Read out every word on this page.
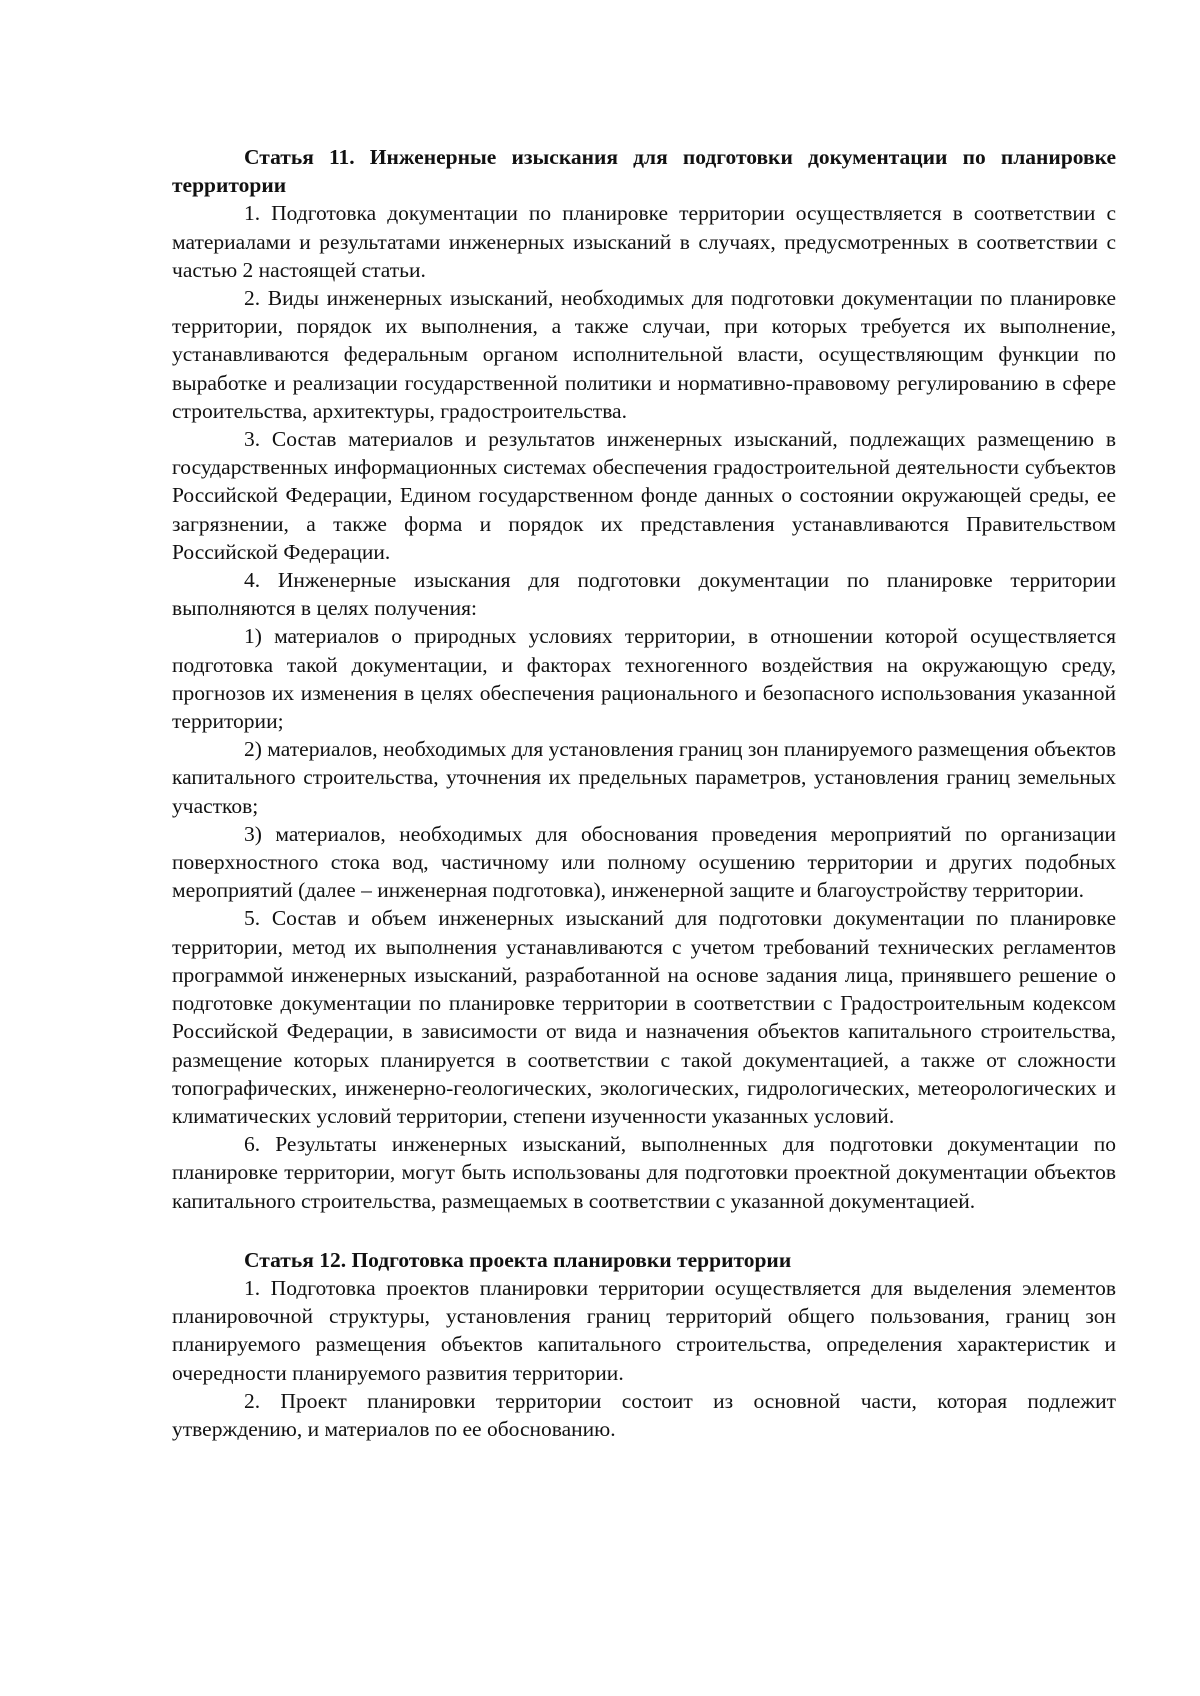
Статья 11. Инженерные изыскания для подготовки документации по планировке территории

1. Подготовка документации по планировке территории осуществляется в соответствии с материалами и результатами инженерных изысканий в случаях, предусмотренных в соответствии с частью 2 настоящей статьи.

2. Виды инженерных изысканий, необходимых для подготовки документации по планировке территории, порядок их выполнения, а также случаи, при которых требуется их выполнение, устанавливаются федеральным органом исполнительной власти, осуществляющим функции по выработке и реализации государственной политики и нормативно-правовому регулированию в сфере строительства, архитектуры, градостроительства.

3. Состав материалов и результатов инженерных изысканий, подлежащих размещению в государственных информационных системах обеспечения градостроительной деятельности субъектов Российской Федерации, Едином государственном фонде данных о состоянии окружающей среды, ее загрязнении, а также форма и порядок их представления устанавливаются Правительством Российской Федерации.

4. Инженерные изыскания для подготовки документации по планировке территории выполняются в целях получения:

1) материалов о природных условиях территории, в отношении которой осуществляется подготовка такой документации, и факторах техногенного воздействия на окружающую среду, прогнозов их изменения в целях обеспечения рационального и безопасного использования указанной территории;

2) материалов, необходимых для установления границ зон планируемого размещения объектов капитального строительства, уточнения их предельных параметров, установления границ земельных участков;

3) материалов, необходимых для обоснования проведения мероприятий по организации поверхностного стока вод, частичному или полному осушению территории и других подобных мероприятий (далее – инженерная подготовка), инженерной защите и благоустройству территории.

5. Состав и объем инженерных изысканий для подготовки документации по планировке территории, метод их выполнения устанавливаются с учетом требований технических регламентов программой инженерных изысканий, разработанной на основе задания лица, принявшего решение о подготовке документации по планировке территории в соответствии с Градостроительным кодексом Российской Федерации, в зависимости от вида и назначения объектов капитального строительства, размещение которых планируется в соответствии с такой документацией, а также от сложности топографических, инженерно-геологических, экологических, гидрологических, метеорологических и климатических условий территории, степени изученности указанных условий.

6. Результаты инженерных изысканий, выполненных для подготовки документации по планировке территории, могут быть использованы для подготовки проектной документации объектов капитального строительства, размещаемых в соответствии с указанной документацией.

Статья 12. Подготовка проекта планировки территории

1. Подготовка проектов планировки территории осуществляется для выделения элементов планировочной структуры, установления границ территорий общего пользования, границ зон планируемого размещения объектов капитального строительства, определения характеристик и очередности планируемого развития территории.

2. Проект планировки территории состоит из основной части, которая подлежит утверждению, и материалов по ее обоснованию.
